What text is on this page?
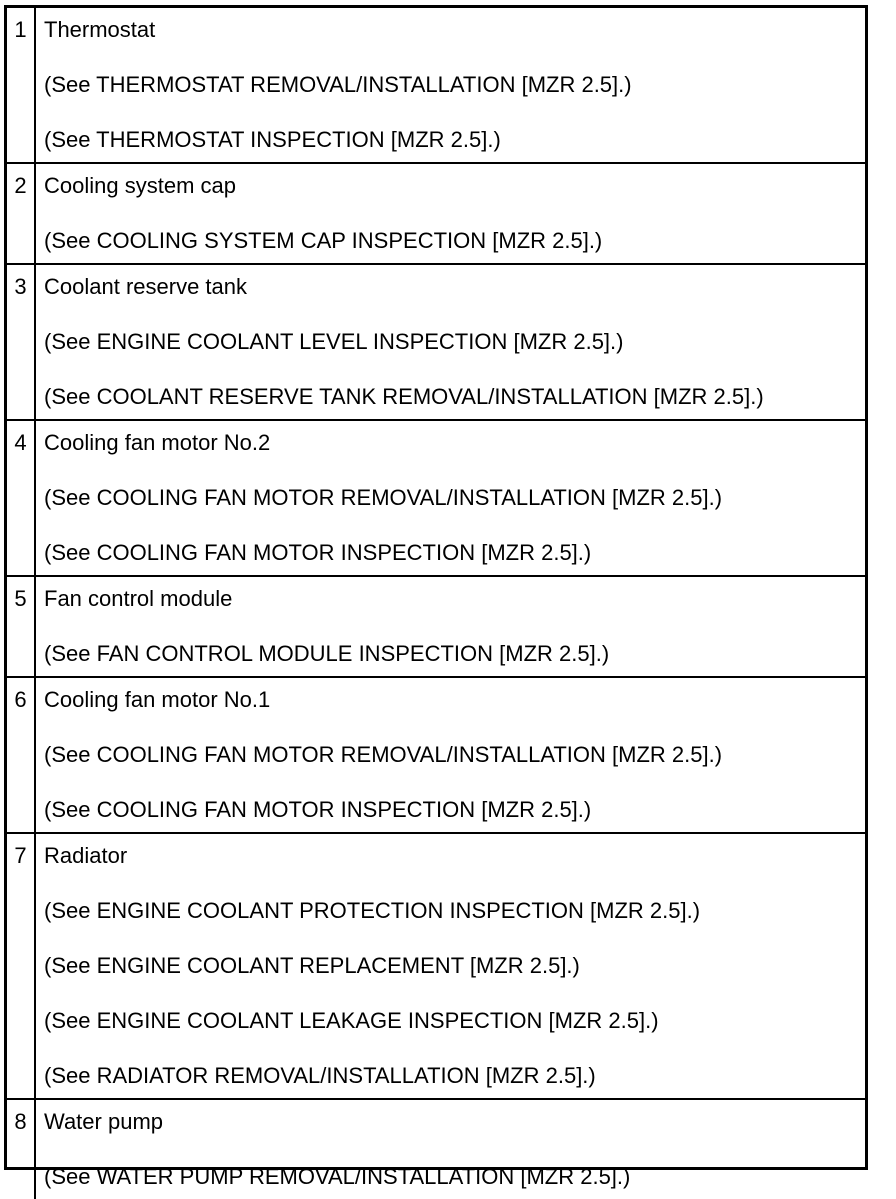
1 Thermostat
(See THERMOSTAT REMOVAL/INSTALLATION [MZR 2.5].)
(See THERMOSTAT INSPECTION [MZR 2.5].)
2 Cooling system cap
(See COOLING SYSTEM CAP INSPECTION [MZR 2.5].)
3 Coolant reserve tank
(See ENGINE COOLANT LEVEL INSPECTION [MZR 2.5].)
(See COOLANT RESERVE TANK REMOVAL/INSTALLATION [MZR 2.5].)
4 Cooling fan motor No.2
(See COOLING FAN MOTOR REMOVAL/INSTALLATION [MZR 2.5].)
(See COOLING FAN MOTOR INSPECTION [MZR 2.5].)
5 Fan control module
(See FAN CONTROL MODULE INSPECTION [MZR 2.5].)
6 Cooling fan motor No.1
(See COOLING FAN MOTOR REMOVAL/INSTALLATION [MZR 2.5].)
(See COOLING FAN MOTOR INSPECTION [MZR 2.5].)
7 Radiator
(See ENGINE COOLANT PROTECTION INSPECTION [MZR 2.5].)
(See ENGINE COOLANT REPLACEMENT [MZR 2.5].)
(See ENGINE COOLANT LEAKAGE INSPECTION [MZR 2.5].)
(See RADIATOR REMOVAL/INSTALLATION [MZR 2.5].)
8 Water pump
(See WATER PUMP REMOVAL/INSTALLATION [MZR 2.5].)
